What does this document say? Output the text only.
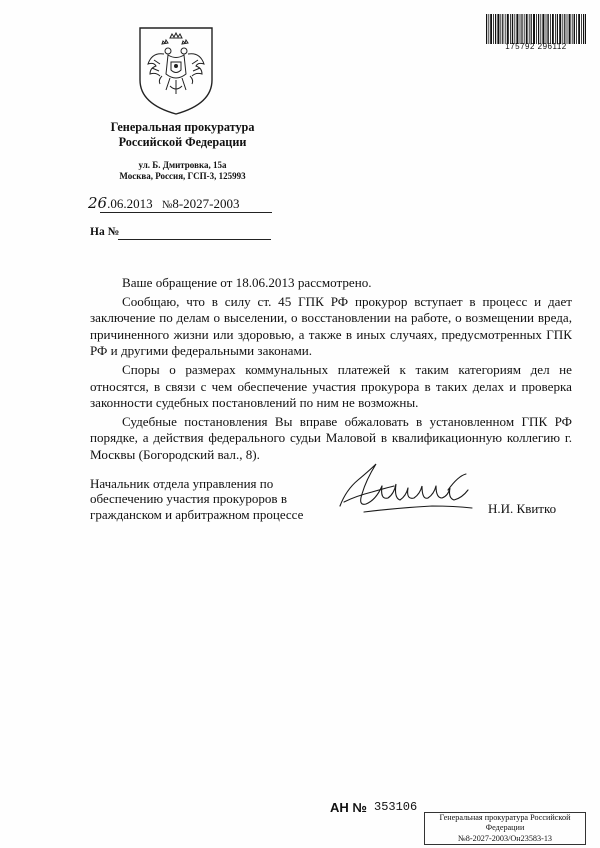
175792 296112
Генеральная прокуратура
Российской Федерации
ул. Б. Дмитровка, 15а
Москва, Россия, ГСП-3, 125993
26.06.2013 №8-2027-2003
На №

Ваше обращение от 18.06.2013 рассмотрено.

Сообщаю, что в силу ст. 45 ГПК РФ прокурор вступает в процесс и дает заключение по делам о выселении, о восстановлении на работе, о возмещении вреда, причиненного жизни или здоровью, а также в иных случаях, предусмотренных ГПК РФ и другими федеральными законами.

Споры о размерах коммунальных платежей к таким категориям дел не относятся, в связи с чем обеспечение участия прокурора в таких делах и проверка законности судебных постановлений по ним не возможны.

Судебные постановления Вы вправе обжаловать в установленном ГПК РФ порядке, а действия федерального судьи Маловой в квалификационную коллегию г. Москвы (Богородский вал., 8).

Начальник отдела управления по
обеспечению участия прокуроров в
гражданском и арбитражном процессе	Н.И. Квитко
АН № 353106
Генеральная прокуратура Российской
Федерации
№8-2027-2003/Он23583-13
